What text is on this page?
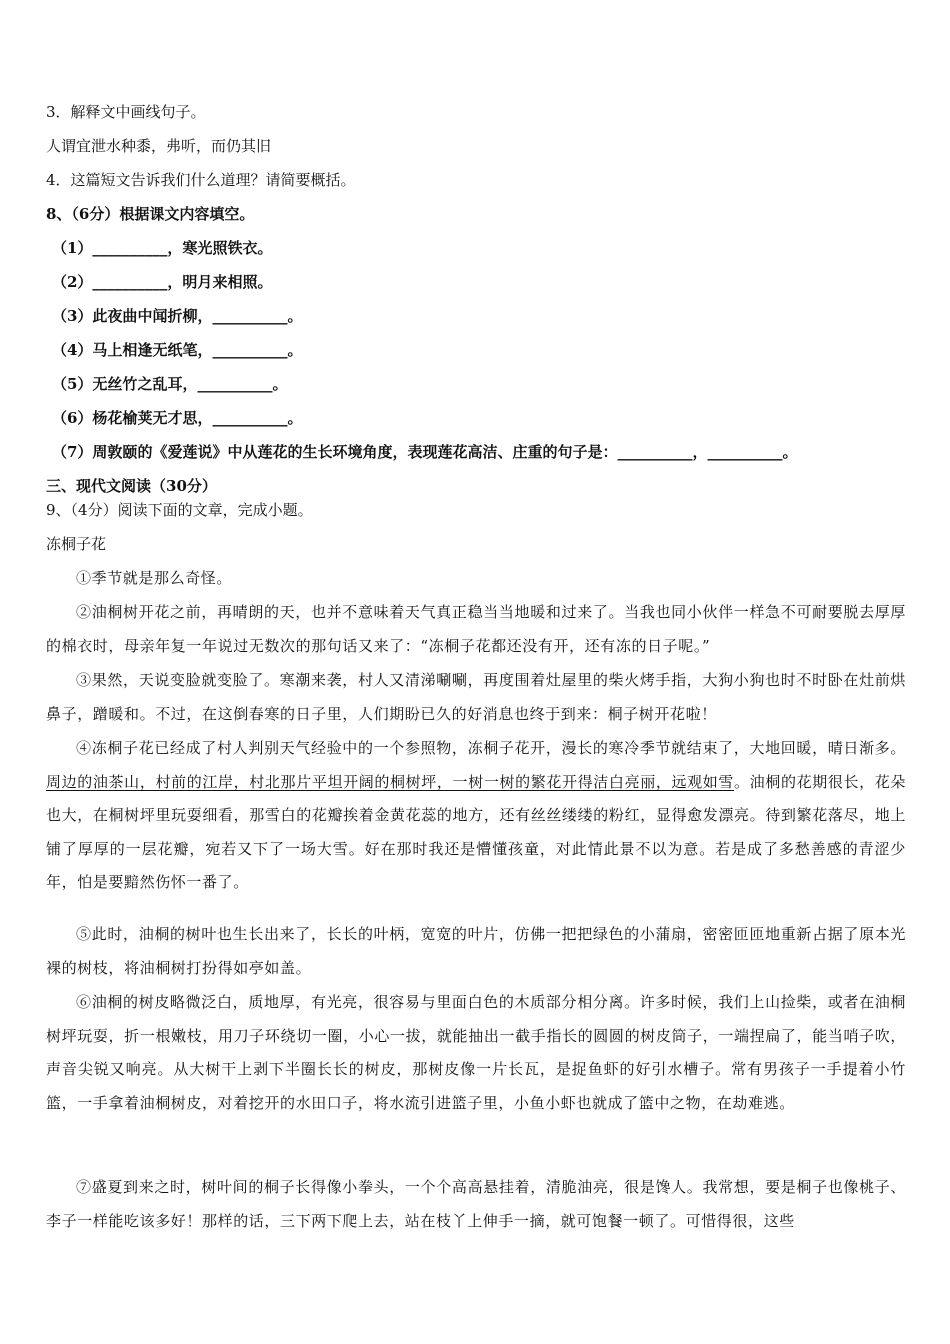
3．解释文中画线句子。
人谓宜泄水种黍，弗听，而仍其旧
4．这篇短文告诉我们什么道理？请简要概括。
8、（6分）根据课文内容填空。
（1）__________，寒光照铁衣。
（2）__________，明月来相照。
（3）此夜曲中闻折柳，__________。
（4）马上相逢无纸笔，__________。
（5）无丝竹之乱耳，__________。
（6）杨花榆荚无才思，__________。
（7）周敦颐的《爱莲说》中从莲花的生长环境角度，表现莲花高洁、庄重的句子是：__________，__________。
三、现代文阅读（30分）
9、（4分）阅读下面的文章，完成小题。
冻桐子花
①季节就是那么奇怪。
②油桐树开花之前，再晴朗的天，也并不意味着天气真正稳当当地暖和过来了。当我也同小伙伴一样急不可耐要脱去厚厚的棉衣时，母亲年复一年说过无数次的那句话又来了：“冻桐子花都还没有开，还有冻的日子呢。”
③果然，天说变脸就变脸了。寒潮来袭，村人又清涕唰唰，再度围着灶屋里的柴火烤手指，大狗小狗也时不时卧在灶前烘鼻子，蹭暖和。不过，在这倒春寒的日子里，人们期盼已久的好消息也终于到来：桐子树开花啦！
④冻桐子花已经成了村人判别天气经验中的一个参照物，冻桐子花开，漫长的寒冷季节就结束了，大地回暖，晴日渐多。周边的油茶山，村前的江岸，村北那片平坦开阔的桐树坪，一树一树的繁花开得洁白亮丽，远观如雪。油桐的花期很长，花朵也大，在桐树坪里玩耍细看，那雪白的花瓣挨着金黄花蕊的地方，还有丝丝缕缕的粉红，显得愈发漂亮。待到繁花落尽，地上铺了厚厚的一层花瓣，宛若又下了一场大雪。好在那时我还是懵懂孩童，对此情此景不以为意。若是成了多愁善感的青涩少年，怕是要黯然伤怀一番了。
⑤此时，油桐的树叶也生长出来了，长长的叶柄，宽宽的叶片，仿佛一把把绿色的小蒲扇，密密匝匝地重新占据了原本光裸的树枝，将油桐树打扮得如亭如盖。
⑥油桐的树皮略微泛白，质地厚，有光亮，很容易与里面白色的木质部分相分离。许多时候，我们上山捡柴，或者在油桐树坪玩耍，折一根嫩枝，用刀子环绕切一圈，小心一拔，就能抽出一截手指长的圆圆的树皮筒子，一端捏扁了，能当哨子吹，声音尖锐又响亮。从大树干上剥下半圈长长的树皮，那树皮像一片长瓦，是捉鱼虾的好引水槽子。常有男孩子一手提着小竹篮，一手拿着油桐树皮，对着挖开的水田口子，将水流引进篮子里，小鱼小虾也就成了篮中之物，在劫难逃。
⑦盛夏到来之时，树叶间的桐子长得像小拳头，一个个高高悬挂着，清脆油亮，很是馋人。我常想，要是桐子也像桃子、李子一样能吃该多好！那样的话，三下两下爬上去，站在枝丫上伸手一摘，就可饱餐一顿了。可惜得很，这些
